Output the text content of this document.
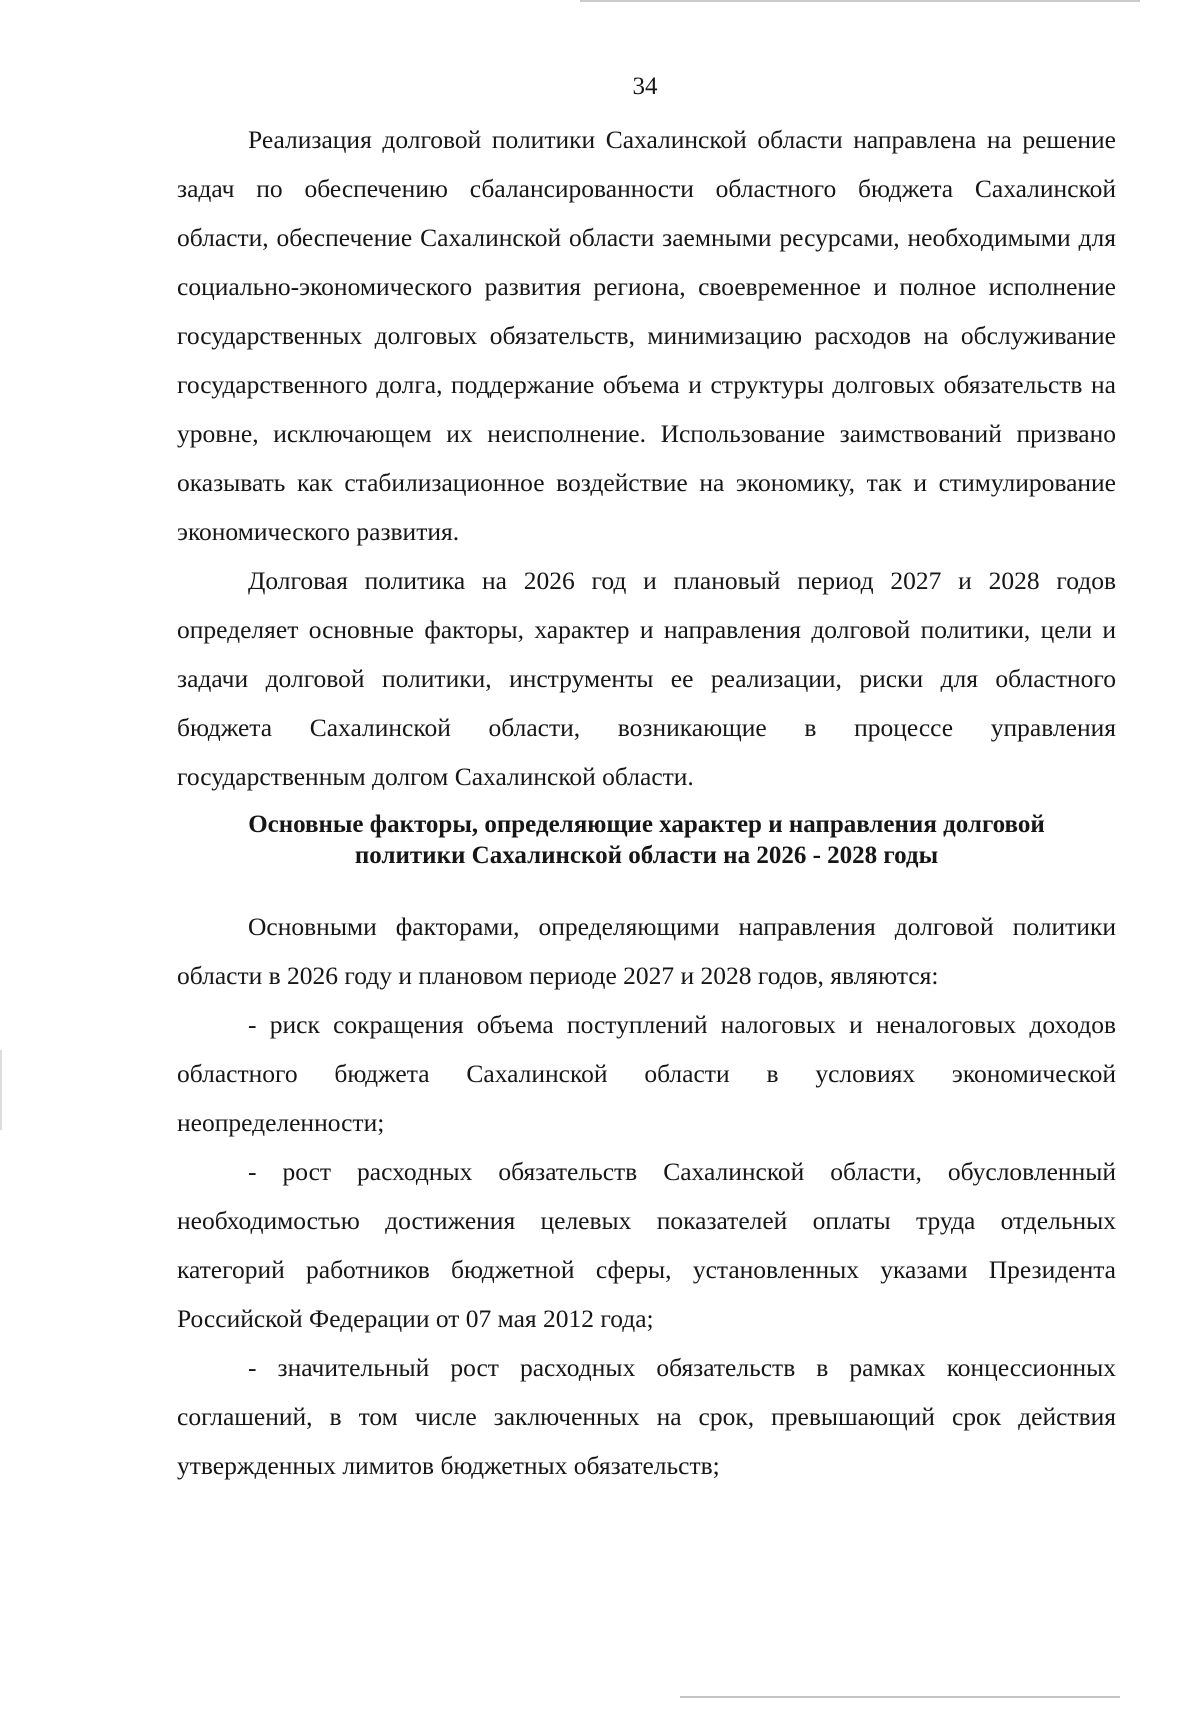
34

Реализация долговой политики Сахалинской области направлена на решение задач по обеспечению сбалансированности областного бюджета Сахалинской области, обеспечение Сахалинской области заемными ресурсами, необходимыми для социально-экономического развития региона, своевременное и полное исполнение государственных долговых обязательств, минимизацию расходов на обслуживание государственного долга, поддержание объема и структуры долговых обязательств на уровне, исключающем их неисполнение. Использование заимствований призвано оказывать как стабилизационное воздействие на экономику, так и стимулирование экономического развития.

Долговая политика на 2026 год и плановый период 2027 и 2028 годов определяет основные факторы, характер и направления долговой политики, цели и задачи долговой политики, инструменты ее реализации, риски для областного бюджета Сахалинской области, возникающие в процессе управления государственным долгом Сахалинской области.

Основные факторы, определяющие характер и направления долговой
политики Сахалинской области на 2026 - 2028 годы

Основными факторами, определяющими направления долговой политики области в 2026 году и плановом периоде 2027 и 2028 годов, являются:

- риск сокращения объема поступлений налоговых и неналоговых доходов областного бюджета Сахалинской области в условиях экономической неопределенности;

- рост расходных обязательств Сахалинской области, обусловленный необходимостью достижения целевых показателей оплаты труда отдельных категорий работников бюджетной сферы, установленных указами Президента Российской Федерации от 07 мая 2012 года;

- значительный рост расходных обязательств в рамках концессионных соглашений, в том числе заключенных на срок, превышающий срок действия утвержденных лимитов бюджетных обязательств;
